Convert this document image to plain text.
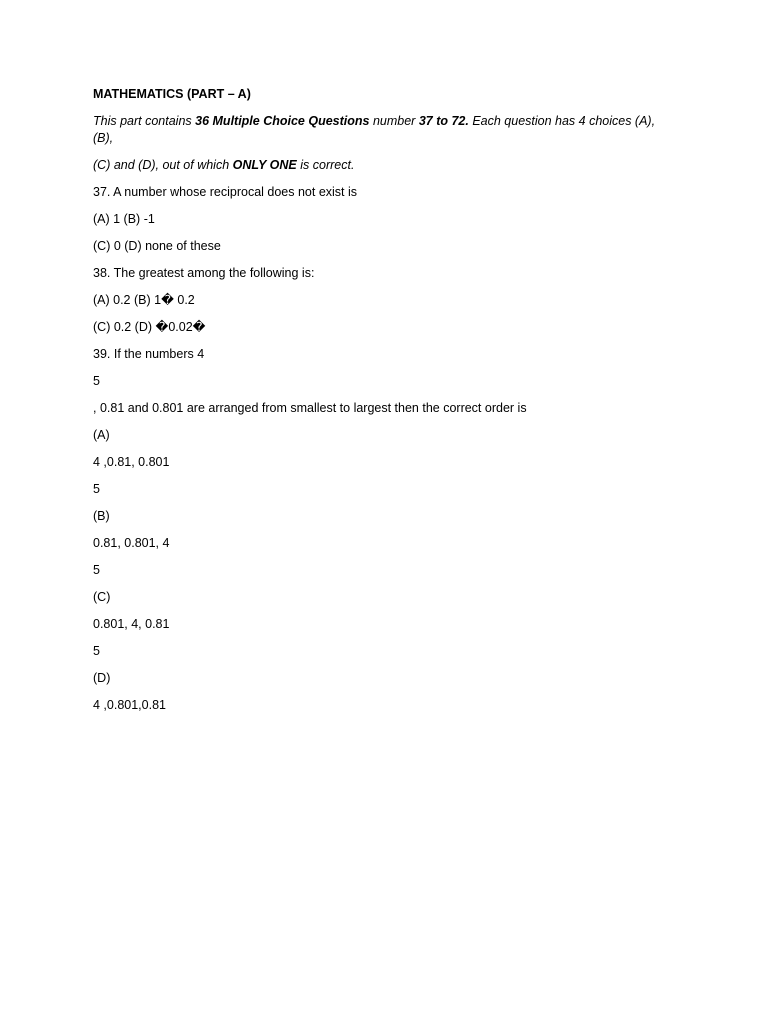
MATHEMATICS (PART – A)

This part contains 36 Multiple Choice Questions number 37 to 72. Each question has 4 choices (A), (B),

(C) and (D), out of which ONLY ONE is correct.

37. A number whose reciprocal does not exist is

(A) 1 (B) -1

(C) 0 (D) none of these

38. The greatest among the following is:

(A) 0.2 (B) 1� 0.2

(C) 0.2 (D) �0.02�

39. If the numbers 4

5

, 0.81 and 0.801 are arranged from smallest to largest then the correct order is

(A)

4 ,0.81, 0.801

5

(B)

0.81, 0.801, 4

5

(C)

0.801, 4, 0.81

5

(D)

4 ,0.801,0.81
